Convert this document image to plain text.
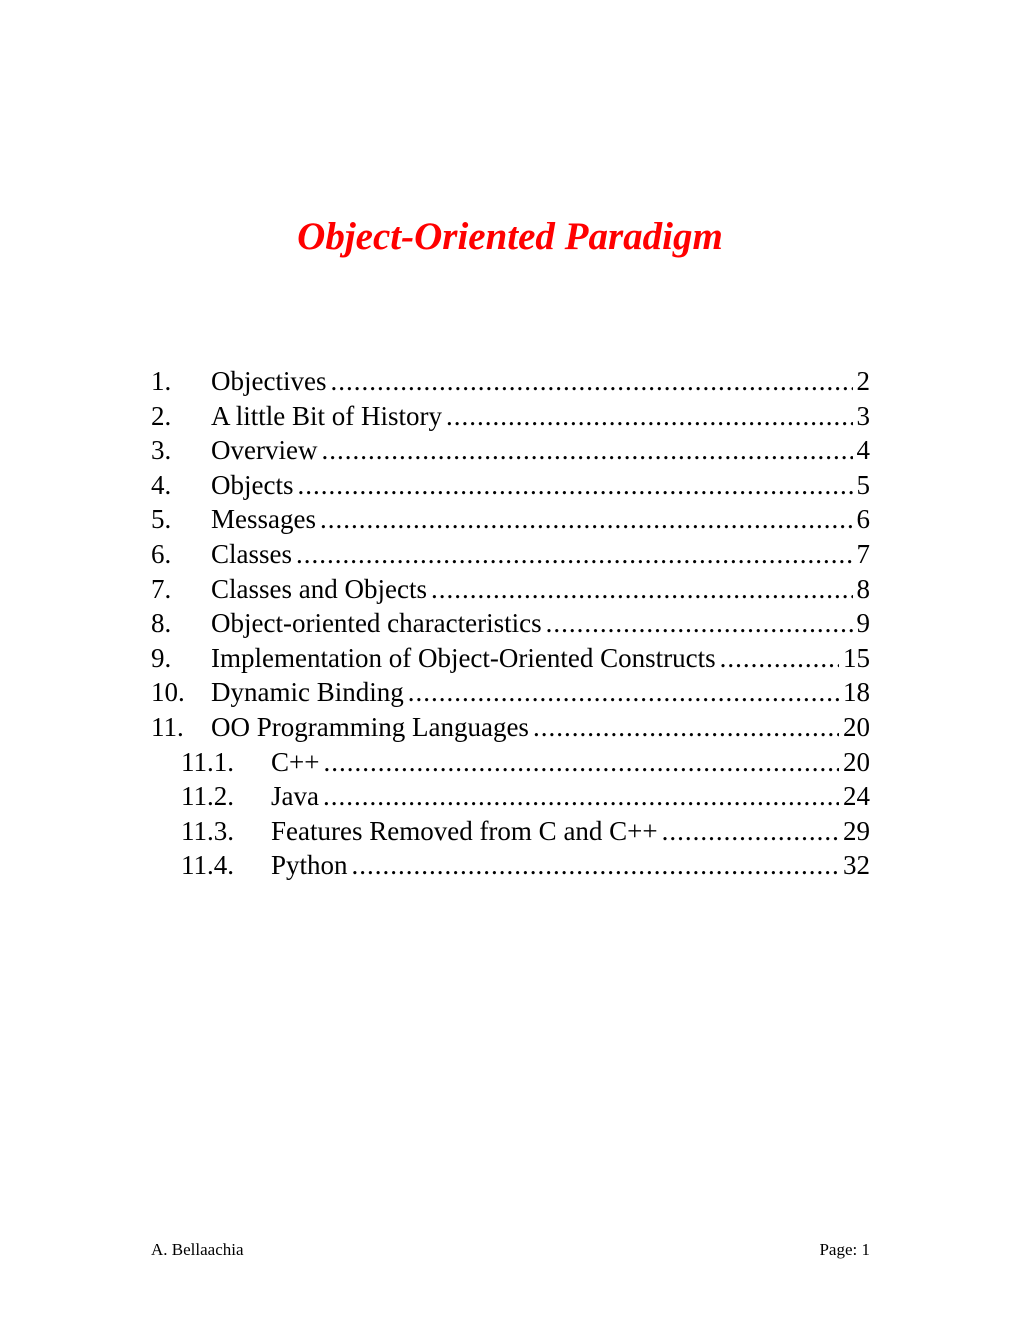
Object-Oriented Paradigm
1.	Objectives .....	2
2.	A little Bit of History .....	3
3.	Overview .....	4
4.	Objects .....	5
5.	Messages .....	6
6.	Classes .....	7
7.	Classes and Objects .....	8
8.	Object-oriented characteristics .....	9
9.	Implementation of Object-Oriented Constructs .....	15
10. Dynamic Binding .....	18
11.	OO Programming Languages .....	20
11.1.	C++ .....	20
11.2.	Java .....	24
11.3.	Features Removed from C and C++ .....	29
11.4.	Python .....	32
A. Bellaachia	Page: 1
